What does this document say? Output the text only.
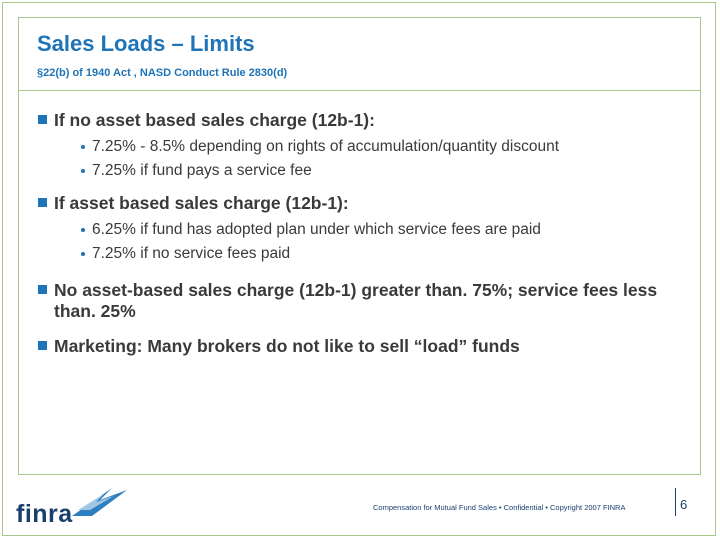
Sales Loads – Limits

§22(b) of 1940 Act , NASD Conduct Rule 2830(d)

If no asset based sales charge (12b-1):
7.25% - 8.5% depending on rights of accumulation/quantity discount
7.25% if fund pays a service fee
If asset based sales charge (12b-1):
6.25% if fund has adopted plan under which service fees are paid
7.25% if no service fees paid
No asset-based sales charge (12b-1) greater than. 75%; service fees less than. 25%
Marketing: Many brokers do not like to sell “load” funds
finra	Compensation for Mutual Fund Sales • Confidential • Copyright 2007 FINRA	6
